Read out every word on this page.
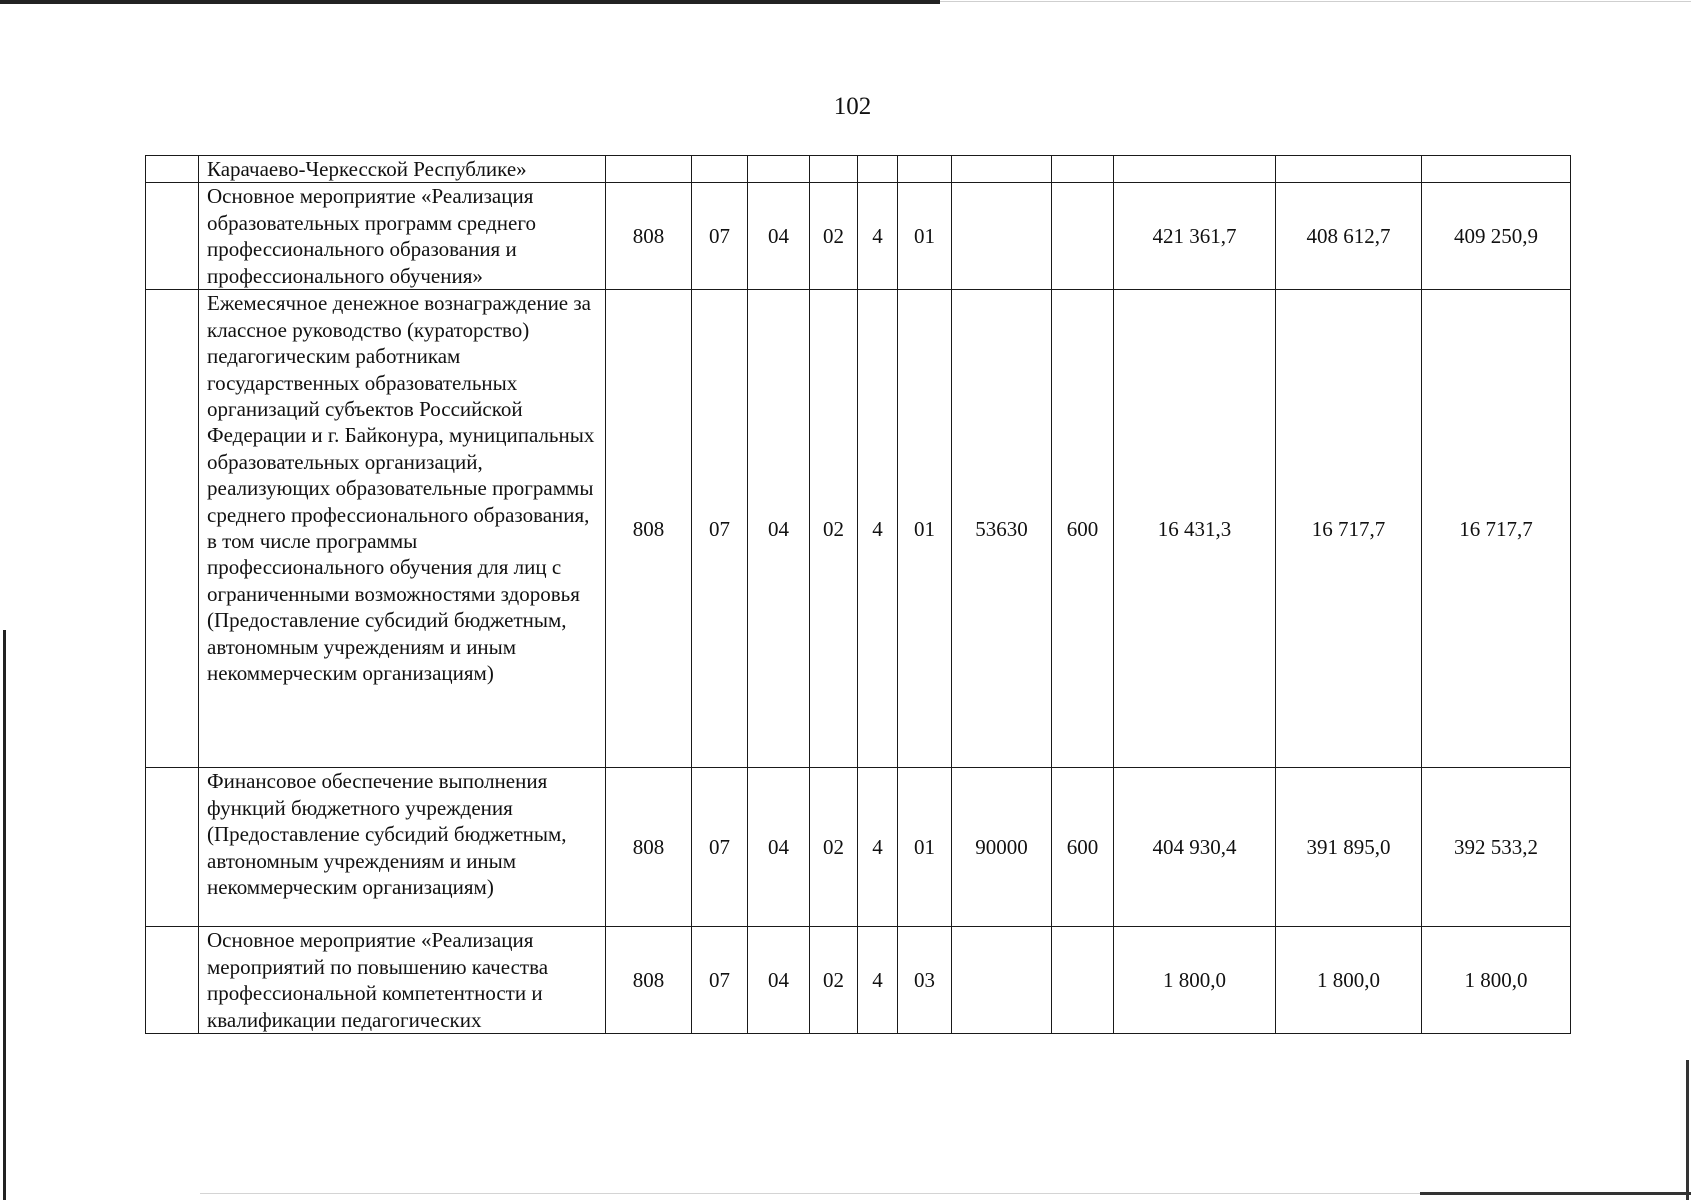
102
	Карачаево-Черкесской Республике»											
	Основное мероприятие «Реализация образовательных программ среднего профессионального образования и профессионального обучения»	808	07	04	02	4	01			421 361,7	408 612,7	409 250,9
	Ежемесячное денежное вознаграждение за классное руководство (кураторство) педагогическим работникам государственных образовательных организаций субъектов Российской Федерации и г. Байконура, муниципальных образовательных организаций, реализующих образовательные программы среднего профессионального образования, в том числе программы профессионального обучения для лиц с ограниченными возможностями здоровья (Предоставление субсидий бюджетным, автономным учреждениям и иным некоммерческим организациям)	808	07	04	02	4	01	53630	600	16 431,3	16 717,7	16 717,7
	Финансовое обеспечение выполнения функций бюджетного учреждения (Предоставление субсидий бюджетным, автономным учреждениям и иным некоммерческим организациям)	808	07	04	02	4	01	90000	600	404 930,4	391 895,0	392 533,2
	Основное мероприятие «Реализация мероприятий по повышению качества профессиональной компетентности и квалификации педагогических	808	07	04	02	4	03			1 800,0	1 800,0	1 800,0
